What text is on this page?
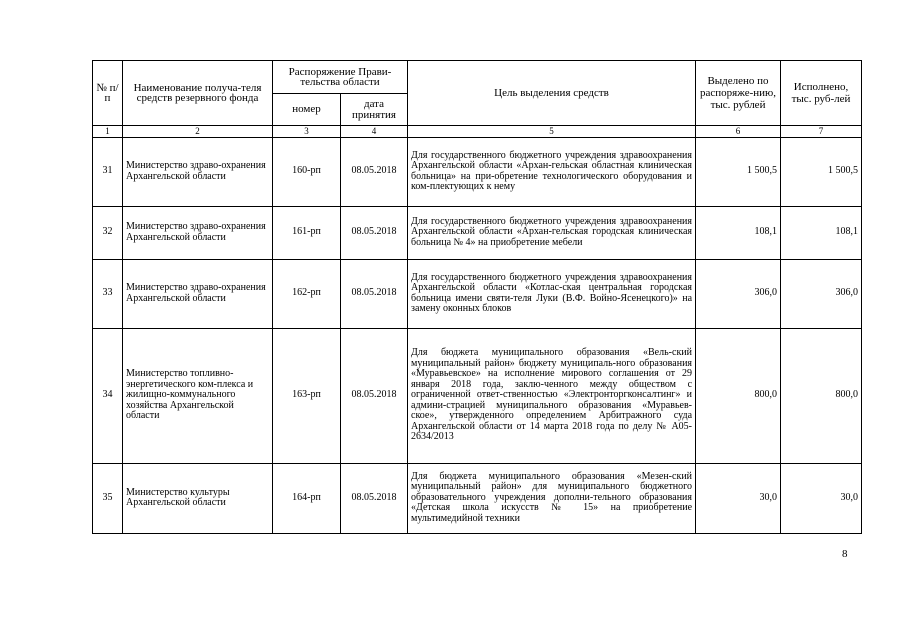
№ п/п	Наименование получа-теля средств резервного фонда	Распоряжение Прави-тельства области		Цель выделения средств	Выделено по распоряже-нию, тыс. рублей	Исполнено, тыс. руб-лей
		номер	дата принятия			
1	2	3	4	5	6	7
31	Министерство здраво-охранения Архангельской области	160-рп	08.05.2018	Для государственного бюджетного учреждения здравоохранения Архангельской области «Архан-гельская областная клиническая больница» на при-обретение технологического оборудования и ком-плектующих к нему	1 500,5	1 500,5
32	Министерство здраво-охранения Архангельской области	161-рп	08.05.2018	Для государственного бюджетного учреждения здравоохранения Архангельской области «Архан-гельская городская клиническая больница № 4» на приобретение мебели	108,1	108,1
33	Министерство здраво-охранения Архангельской области	162-рп	08.05.2018	Для государственного бюджетного учреждения здравоохранения Архангельской области «Котлас-ская центральная городская больница имени святи-теля Луки (В.Ф. Войно-Ясенецкого)» на замену оконных блоков	306,0	306,0
34	Министерство топливно-энергетического ком-плекса и жилищно-коммунального хозяйства Архангельской области	163-рп	08.05.2018	Для бюджета муниципального образования «Вель-ский муниципальный район» бюджету муниципаль-ного образования «Муравьевское» на исполнение мирового соглашения от 29 января 2018 года, заклю-ченного между обществом с ограниченной ответ-ственностью «Электронторгконсалтинг» и админи-страцией муниципального образования «Муравьев-ское», утвержденного определением Арбитражного суда Архангельской области от 14 марта 2018 года по делу № А05-2634/2013	800,0	800,0
35	Министерство культуры Архангельской области	164-рп	08.05.2018	Для бюджета муниципального образования «Мезен-ский муниципальный район» для муниципального бюджетного образовательного учреждения дополни-тельного образования «Детская школа искусств № 15» на приобретение мультимедийной техники	30,0	30,0
8
